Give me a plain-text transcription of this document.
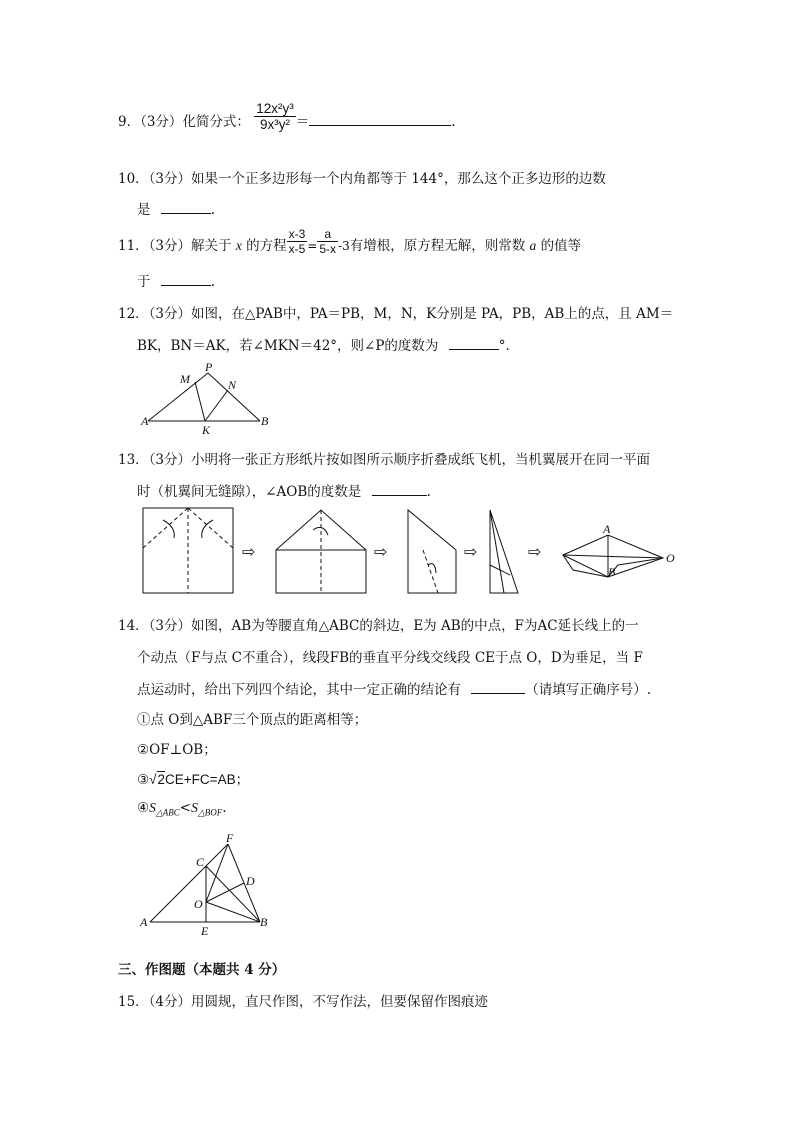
9．（3分）化简分式： $\frac{\text{12x²y³}}{\text{9x³y²}}$ ＝	.
10．（3分）如果一个正多边形每一个内角都等于 144°，那么这个正多边形的边数
是	.
11．（3分）解关于 x 的方程 $\frac{x-3}{x-5} = \frac{a}{5-x} -3$有增根，原方程无解，则常数 a 的值等
于	.
12．（3分）如图，在△PAB中，PA＝PB，M，N，K分别是 PA，PB，AB上的点，且 AM＝
BK，BN＝AK，若∠MKN＝42°，则∠P的度数为	°．
P
M	N
A	B
K
13．（3分）小明将一张正方形纸片按如图所示顺序折叠成纸飞机，当机翼展开在同一平面
时（机翼间无缝隙），∠AOB的度数是	.
⇨	⇨	⇨	⇨
A
B
O
14．（3分）如图，AB为等腰直角△ABC的斜边，E为 AB的中点，F为AC延长线上的一
个动点（F与点 C不重合），线段FB的垂直平分线交线段 CE于点 O，D为垂足，当 F
点运动时，给出下列四个结论，其中一定正确的结论有	（请填写正确序号）.
①点 O到△ABF三个顶点的距离相等；
②OF⊥OB；
③√2CE+FC=AB；
$④S_{\triangle ABC}<S_{\triangle BOF}$.
F
C
D
O
A
E
B
三、作图题（本题共 4 分）
15．（4分）用圆规，直尺作图，不写作法，但要保留作图痕迹
